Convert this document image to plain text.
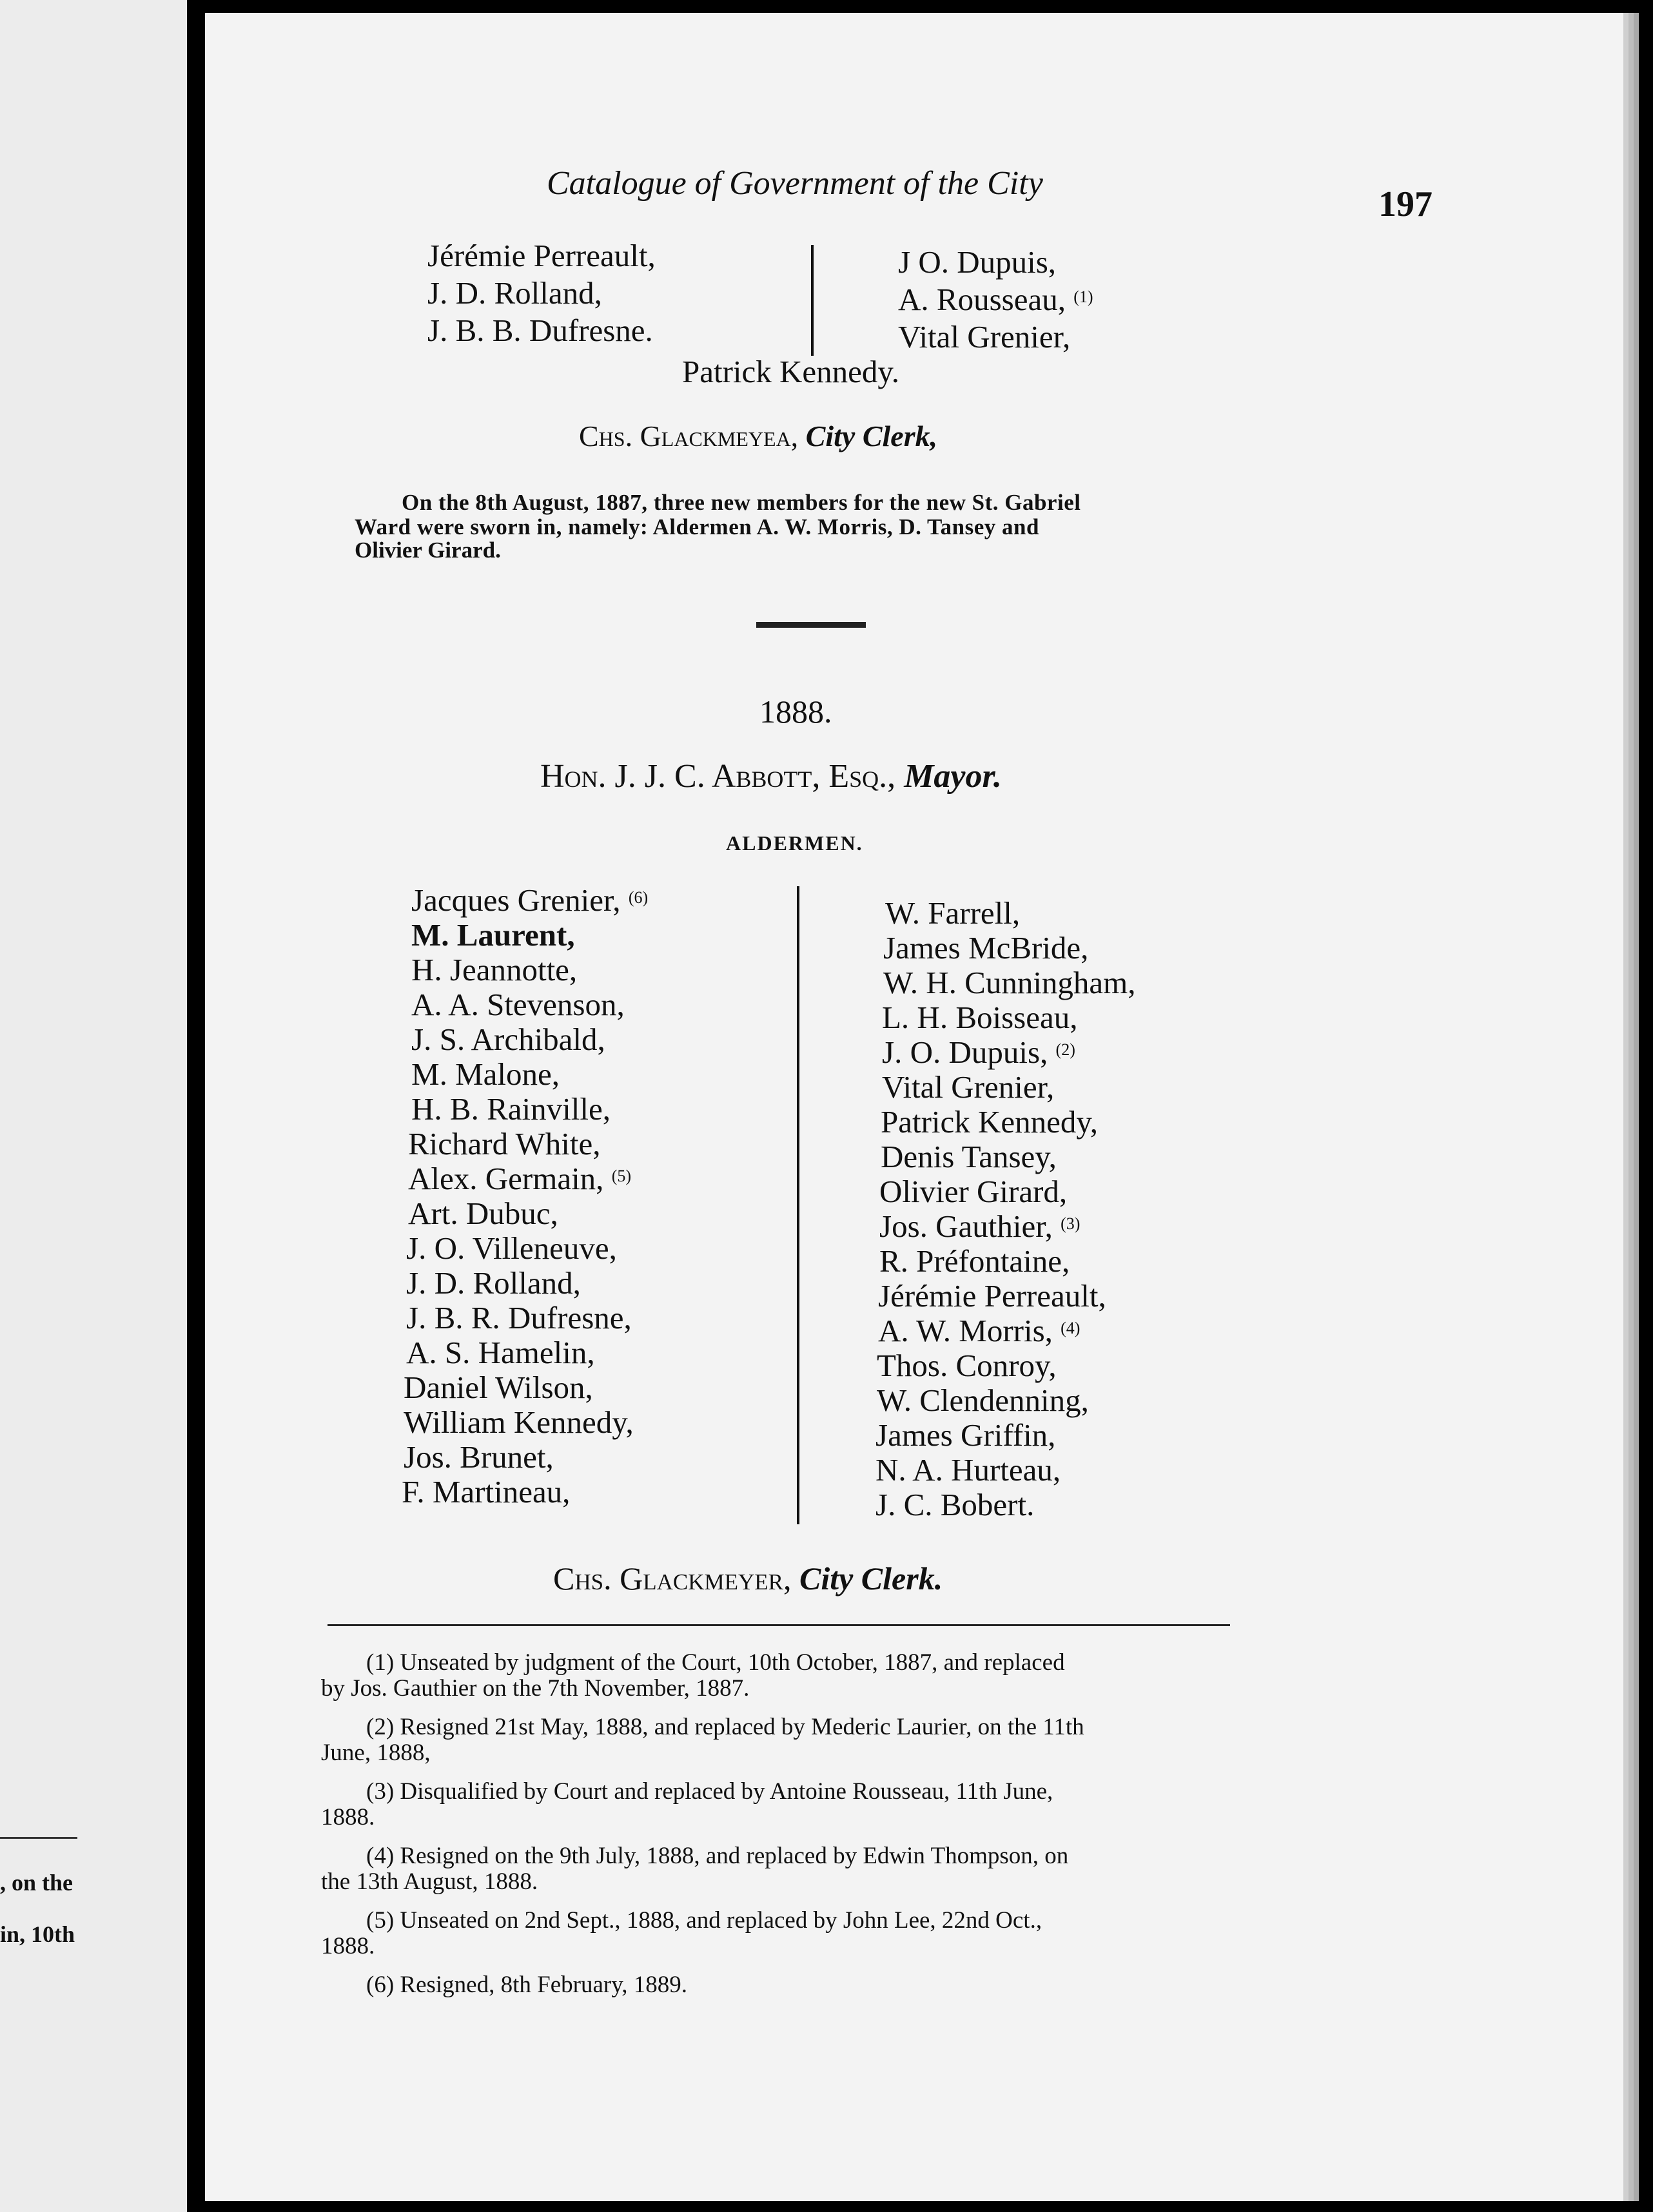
, on the
in, 10th
Catalogue of Government of the City
197
Jérémie Perreault,
J. D. Rolland,
J. B. B. Dufresne.
J O. Dupuis,
A. Rousseau, $^{(1)}$
Vital Grenier,
Patrick Kennedy.
Chs. Glackmeyea, City Clerk,
On the 8th August, 1887, three new members for the new St. Gabriel
Ward were sworn in, namely: Aldermen A. W. Morris, D. Tansey and
Olivier Girard.
1888.
Hon. J. J. C. Abbott, Esq., Mayor.
ALDERMEN.
Jacques Grenier, $^{(6)}$
M. Laurent,
H. Jeannotte,
A. A. Stevenson,
J. S. Archibald,
M. Malone,
H. B. Rainville,
Richard White,
Alex. Germain, $^{(5)}$
Art. Dubuc,
J. O. Villeneuve,
J. D. Rolland,
J. B. R. Dufresne,
A. S. Hamelin,
Daniel Wilson,
William Kennedy,
Jos. Brunet,
F. Martineau,
W. Farrell,
James McBride,
W. H. Cunningham,
L. H. Boisseau,
J. O. Dupuis, $^{(2)}$
Vital Grenier,
Patrick Kennedy,
Denis Tansey,
Olivier Girard,
Jos. Gauthier, $^{(3)}$
R. Préfontaine,
Jérémie Perreault,
A. W. Morris, $^{(4)}$
Thos. Conroy,
W. Clendenning,
James Griffin,
N. A. Hurteau,
J. C. Bobert.
Chs. Glackmeyer, City Clerk.
(1) Unseated by judgment of the Court, 10th October, 1887, and replaced
by Jos. Gauthier on the 7th November, 1887.
(2) Resigned 21st May, 1888, and replaced by Mederic Laurier, on the 11th
June, 1888,
(3) Disqualified by Court and replaced by Antoine Rousseau, 11th June,
1888.
(4) Resigned on the 9th July, 1888, and replaced by Edwin Thompson, on
the 13th August, 1888.
(5) Unseated on 2nd Sept., 1888, and replaced by John Lee, 22nd Oct.,
1888.
(6) Resigned, 8th February, 1889.
